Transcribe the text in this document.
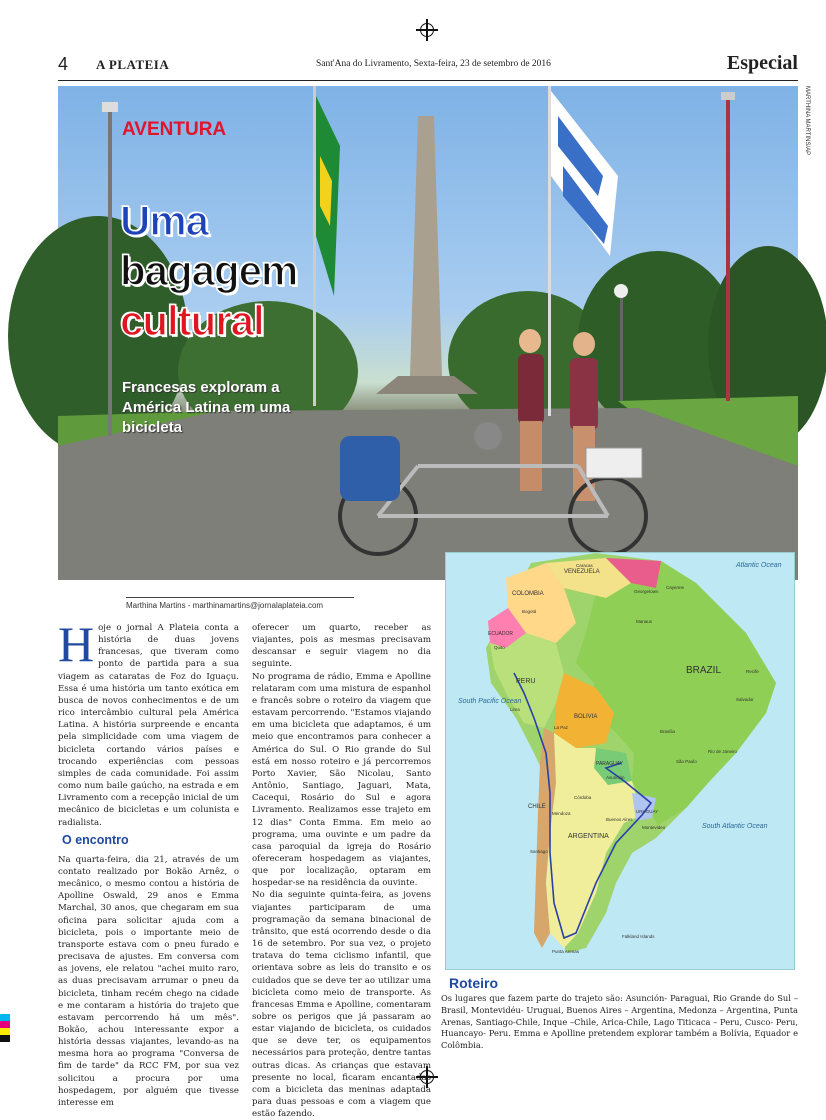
4 A PLATEIA	Sant'Ana do Livramento, Sexta-feira, 23 de setembro de 2016	Especial
MARTHINA MARTINS/AP
AVENTURA
Uma
bagagem
cultural
Francesas exploram a América Latina em uma bicicleta
Marthina Martins - marthinamartins@jornalaplateia.com
H oje o jornal A Plateia conta a história de duas jovens francesas, que tiveram como ponto de partida para a sua viagem as cataratas de Foz do Iguaçu. Essa é uma história um tanto exótica em busca de novos conhecimentos e de um rico intercâmbio cultural pela América Latina. A história surpreende e encanta pela simplicidade com uma viagem de bicicleta cortando vários países e trocando experiências com pessoas simples de cada comunidade. Foi assim como num baile gaúcho, na estrada e em Livramento com a recepção inicial de um mecânico de bicicletas e um colunista e radialista.

O encontro

Na quarta-feira, dia 21, através de um contato realizado por Bokão Arnêz, o mecânico, o mesmo contou a história de Apolline Oswald, 29 anos e Emma Marchal, 30 anos, que chegaram em sua oficina para solicitar ajuda com a bicicleta, pois o importante meio de transporte estava com o pneu furado e precisava de ajustes. Em conversa com as jovens, ele relatou "achei muito raro, as duas precisavam arrumar o pneu da bicicleta, tinham recém chego na cidade e me contaram a história do trajeto que estavam percorrendo há um mês". Bokão, achou interessante expor a história dessas viajantes, levando-as na mesma hora ao programa "Conversa de fim de tarde" da RCC FM, por sua vez solicitou a procura por uma hospedagem, por alguém que tivesse interesse em

oferecer um quarto, receber as viajantes, pois as mesmas precisavam descansar e seguir viagem no dia seguinte.

No programa de rádio, Emma e Apolline relataram com uma mistura de espanhol e francês sobre o roteiro da viagem que estavam percorrendo. "Estamos viajando em uma bicicleta que adaptamos, é um meio que encontramos para conhecer a América do Sul. O Rio grande do Sul está em nosso roteiro e já percorremos Porto Xavier, São Nicolau, Santo Antônio, Santiago, Jaguari, Mata, Cacequi, Rosário do Sul e agora Livramento. Realizamos esse trajeto em 12 dias" Conta Emma. Em meio ao programa, uma ouvinte e um padre da casa paroquial da igreja do Rosário ofereceram hospedagem as viajantes, que por localização, optaram em hospedar-se na residência da ouvinte.

No dia seguinte quinta-feira, as jovens viajantes participaram de uma programação da semana binacional de trânsito, que está ocorrendo desde o dia 16 de setembro. Por sua vez, o projeto tratava do tema ciclismo infantil, que orientava sobre as leis do transito e os cuidados que se deve ter ao utilizar uma bicicleta como meio de transporte. As francesas Emma e Apolline, comentaram sobre os perigos que já passaram ao estar viajando de bicicleta, os cuidados que se deve ter, os equipamentos necessários para proteção, dentre tantas outras dicas. As crianças que estavam presente no local, ficaram encantadas com a bicicleta das meninas adaptada para duas pessoas e com a viagem que estão fazendo.

Atlantic Ocean
South Pacific Ocean
South Atlantic Ocean
VENEZUELA
COLOMBIA
ECUADOR
PERU
BRAZIL
BOLIVIA
PARAGUAY
CHILE
ARGENTINA
URUGUAY
Bogotá
Caracas
Quito
Lima
La Paz
Brasília
Asunción
Santiago
Buenos Aires
Montevideo
Manaus
São Paulo
Rio de Janeiro
Córdoba
Mendoza
Punta Arenas
Falkland Islands
Cayenne
Georgetown
Recife
Salvador
Roteiro
Os lugares que fazem parte do trajeto são: Asunción- Paraguai, Rio Grande do Sul –Brasil, Montevidéu- Uruguai, Buenos Aires – Argentina, Medonza – Argentina, Punta Arenas, Santiago-Chile, Inque –Chile, Arica-Chile, Lago Titicaca – Peru, Cusco- Peru, Huancayo- Peru. Emma e Apolline pretendem explorar também a Bolívia, Equador e Colômbia.
